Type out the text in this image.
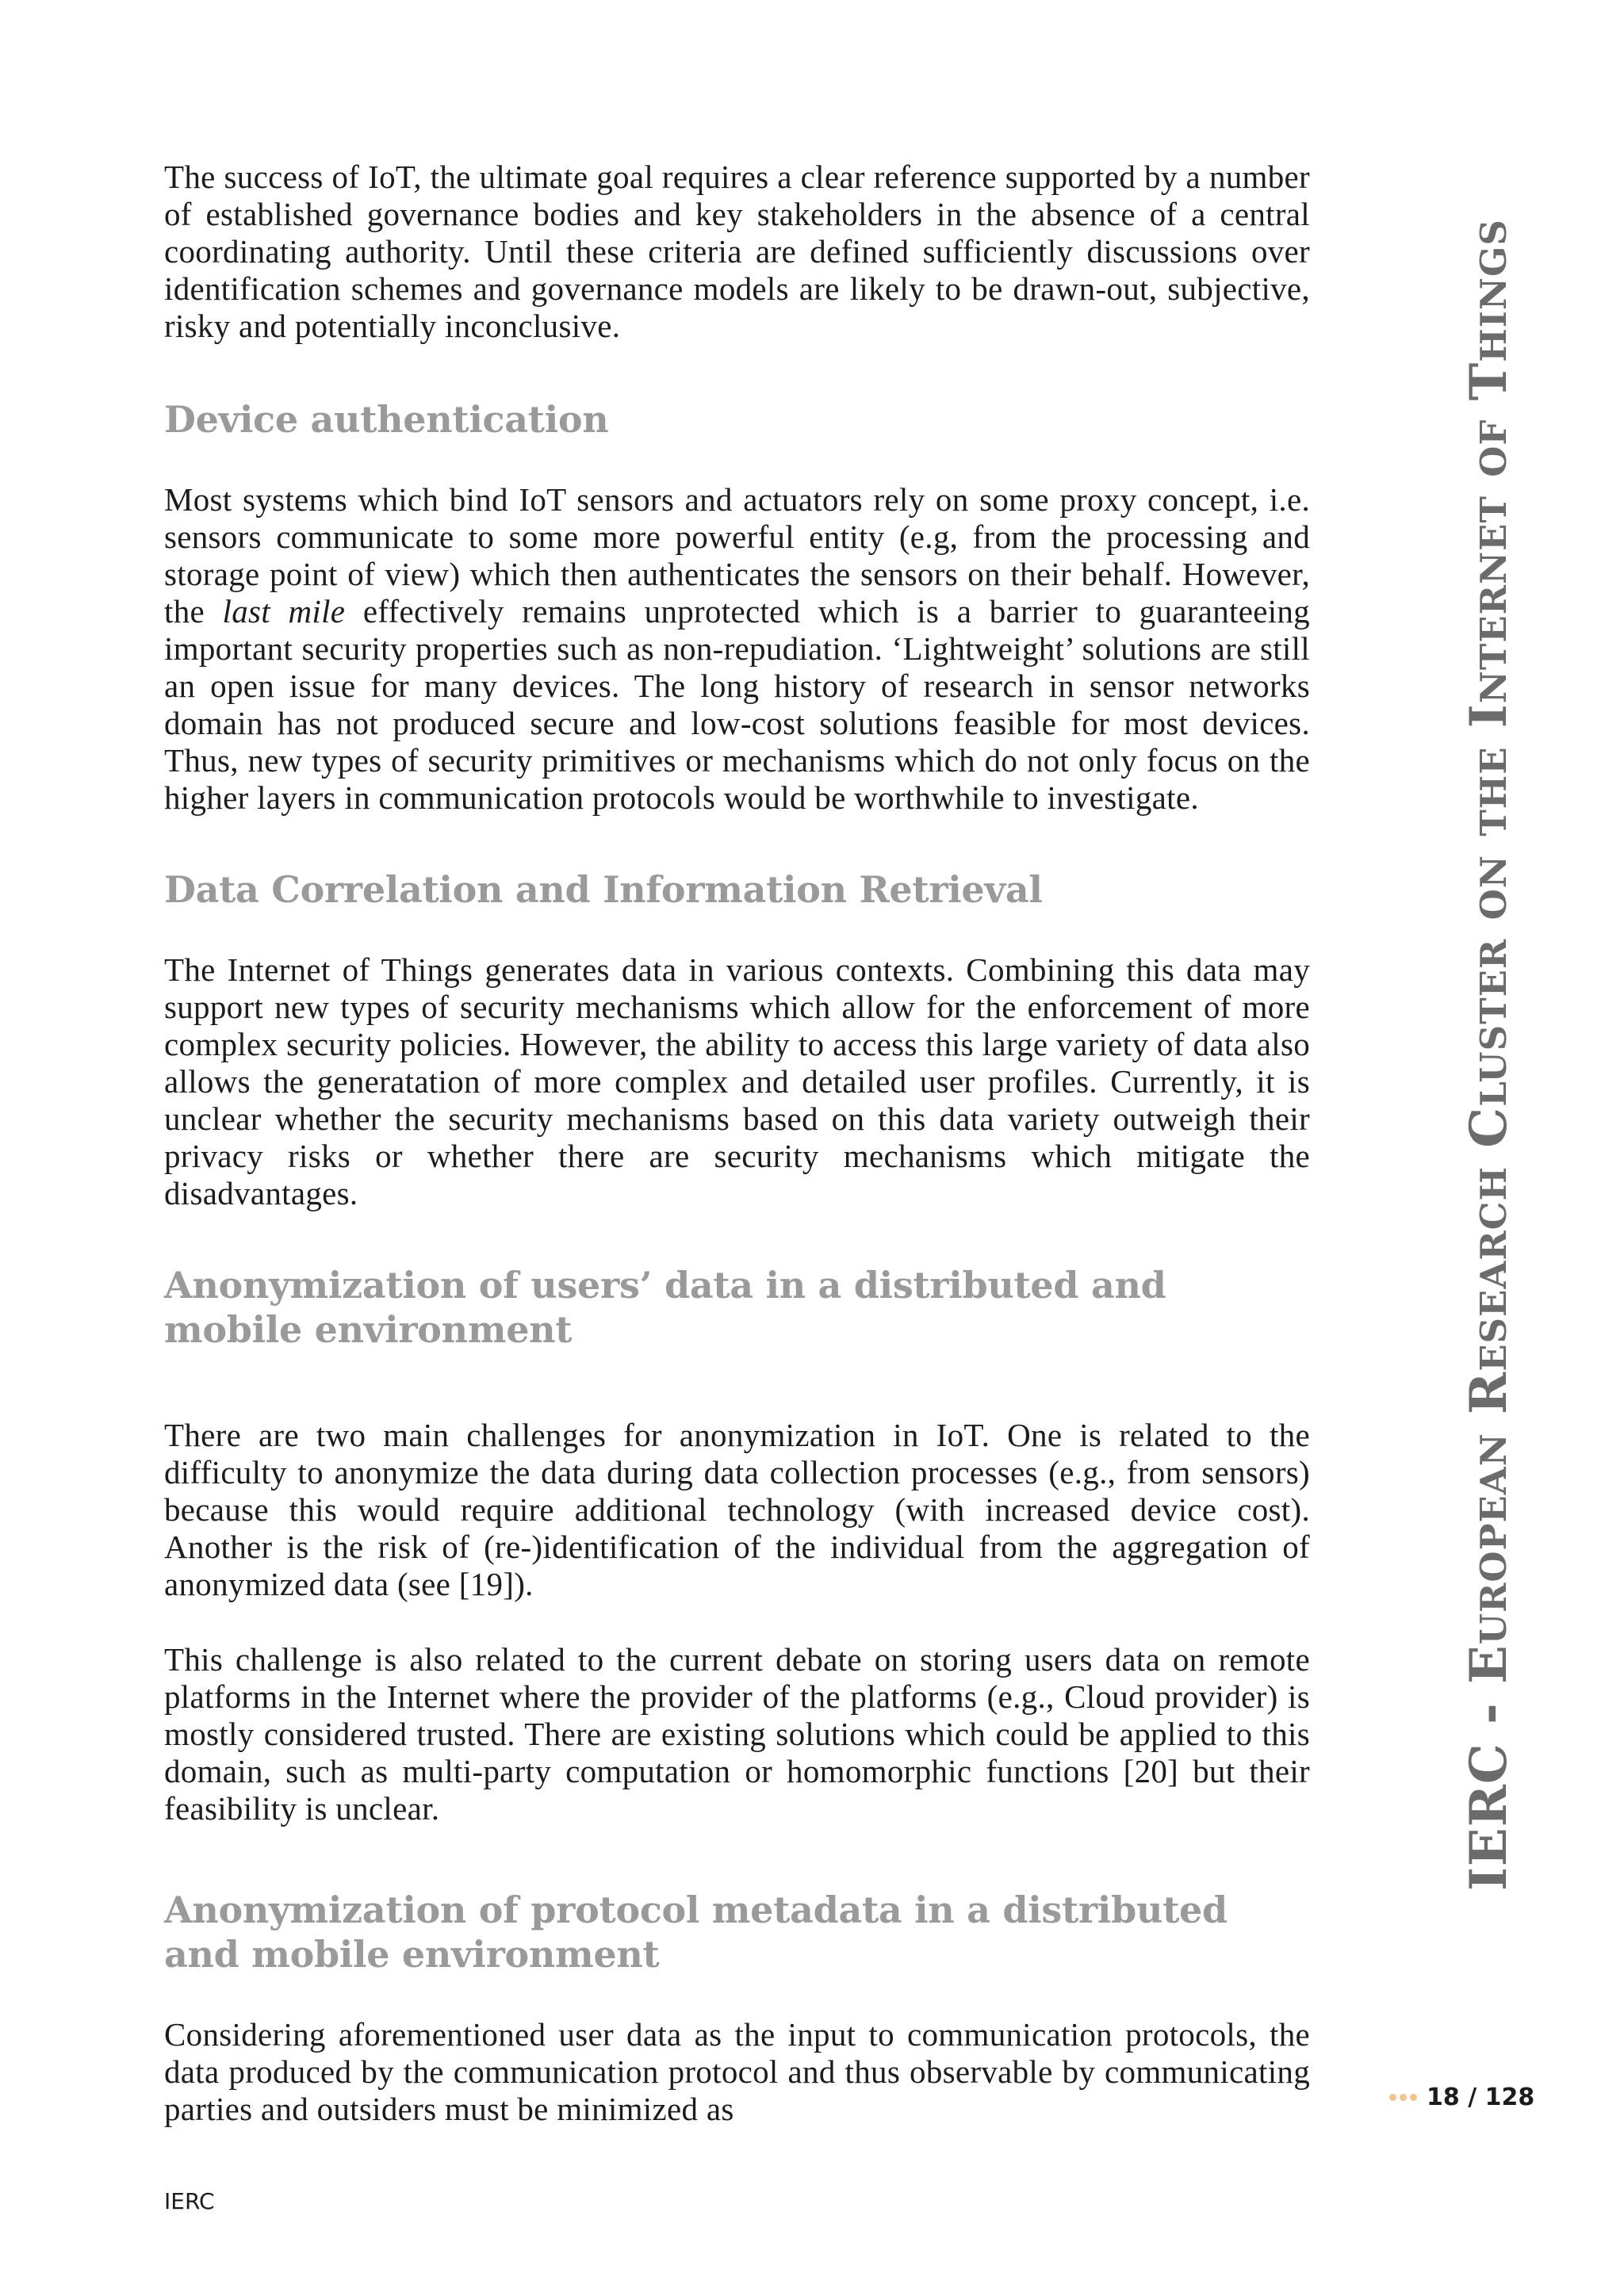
The success of IoT, the ultimate goal requires a clear reference supported by a number of established governance bodies and key stakeholders in the absence of a central coordinating authority. Until these criteria are defined sufficiently discussions over identification schemes and governance models are likely to be drawn-out, subjective, risky and potentially inconclusive.

Device authentication

Most systems which bind IoT sensors and actuators rely on some proxy concept, i.e. sensors communicate to some more powerful entity (e.g, from the processing and storage point of view) which then authenticates the sensors on their behalf. However, the last mile effectively remains unprotected which is a barrier to guaranteeing important security properties such as non-repudiation. ‘Lightweight’ solutions are still an open issue for many devices. The long history of research in sensor networks domain has not produced secure and low-cost solutions feasible for most devices. Thus, new types of security primitives or mechanisms which do not only focus on the higher layers in communication protocols would be worthwhile to investigate.

Data Correlation and Information Retrieval

The Internet of Things generates data in various contexts. Combining this data may support new types of security mechanisms which allow for the enforcement of more complex security policies. However, the ability to access this large variety of data also allows the generatation of more complex and detailed user profiles. Currently, it is unclear whether the security mechanisms based on this data variety outweigh their privacy risks or whether there are security mechanisms which mitigate the disadvantages.

Anonymization of users’ data in a distributed and mobile environment

There are two main challenges for anonymization in IoT. One is related to the difficulty to anonymize the data during data collection processes (e.g., from sensors) because this would require additional technology (with increased device cost). Another is the risk of (re-)identification of the individual from the aggregation of anonymized data (see [19]).

This challenge is also related to the current debate on storing users data on remote platforms in the Internet where the provider of the platforms (e.g., Cloud provider) is mostly considered trusted. There are existing solutions which could be applied to this domain, such as multi-party computation or homomorphic functions [20] but their feasibility is unclear.

Anonymization of protocol metadata in a distributed and mobile environment

Considering aforementioned user data as the input to communication protocols, the data produced by the communication protocol and thus observable by communicating parties and outsiders must be minimized as

IERC - European Research Cluster on the Internet of Things
18 / 128
IERC
